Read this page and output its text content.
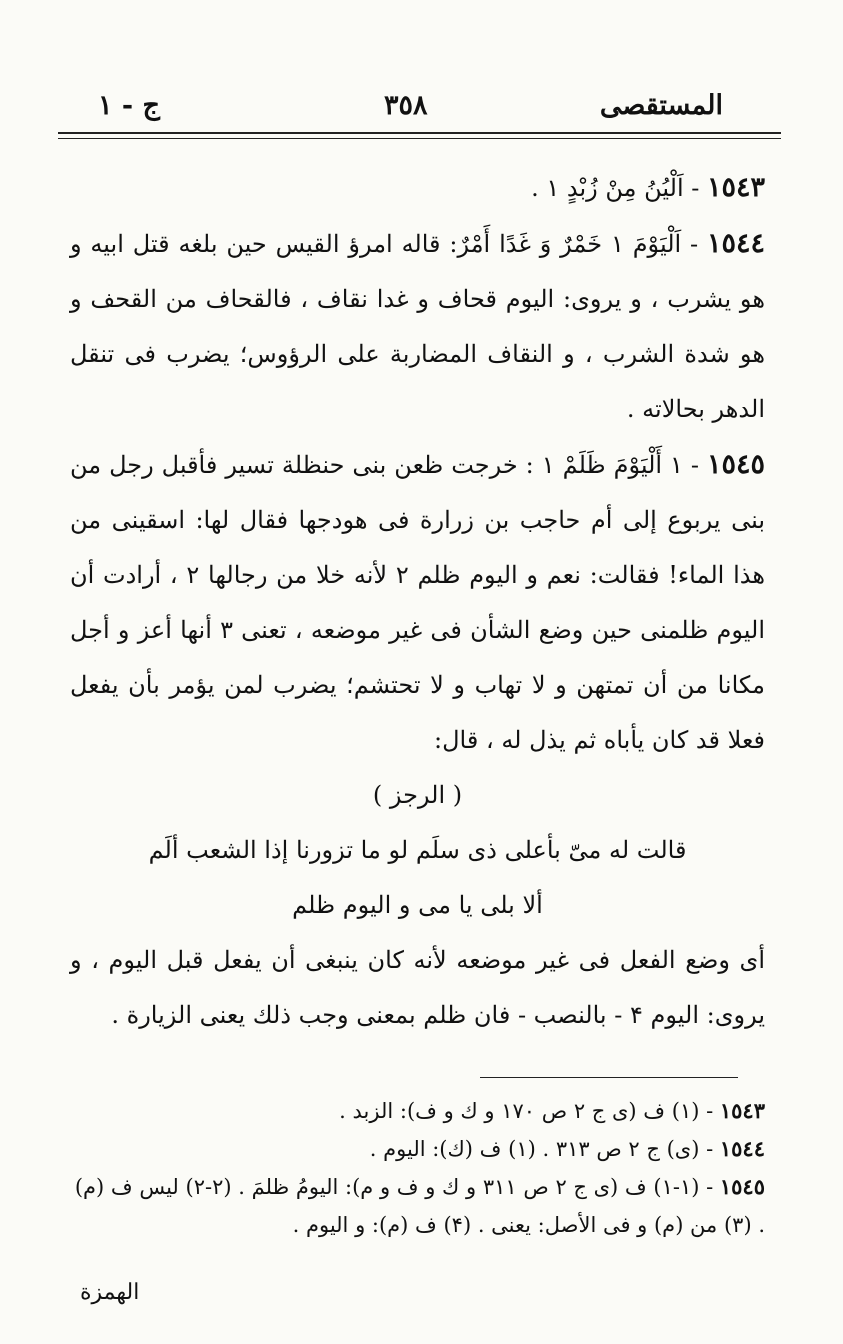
المستقصى
٣٥٨
ج - ١

١٥٤٣ - اَلْيُنُ مِنْ زُبْدٍ ۱ .

١٥٤٤ - اَلْيَوْمَ ۱ خَمْرٌ وَ غَدًا أَمْرٌ: قاله امرؤ القيس حين بلغه قتل ابيه و هو يشرب ، و يروى: اليوم قحاف و غدا نقاف ، فالقحاف من القحف و هو شدة الشرب ، و النقاف المضاربة على الرؤوس؛ يضرب فى تنقل الدهر بحالاته .

١٥٤٥ - ۱ أَلْيَوْمَ ظَلَمْ ۱ : خرجت ظعن بنى حنظلة تسير فأقبل رجل من بنى يربوع إلى أم حاجب بن زرارة فى هودجها فقال لها: اسقينى من هذا الماء! فقالت: نعم و اليوم ظلم ۲ لأنه خلا من رجالها ۲ ، أرادت أن اليوم ظلمنى حين وضع الشأن فى غير موضعه ، تعنى ۳ أنها أعز و أجل مكانا من أن تمتهن و لا تهاب و لا تحتشم؛ يضرب لمن يؤمر بأن يفعل فعلا قد كان يأباه ثم يذل له ، قال:

( الرجز )

قالت له مىّ بأعلى ذى سلَم لو ما تزورنا إذا الشعب ألَم

ألا بلى يا مى و اليوم ظلم

أى وضع الفعل فى غير موضعه لأنه كان ينبغى أن يفعل قبل اليوم ، و يروى: اليوم ۴ - بالنصب - فان ظلم بمعنى وجب ذلك يعنى الزيارة .

١٥٤٣ - (۱) ف (ى ج ۲ ص ۱۷۰ و ك و ف): الزبد .

١٥٤٤ - (ى) ج ۲ ص ۳۱۳ . (۱) ف (ك): اليوم .

١٥٤٥ - (۱-۱) ف (ى ج ۲ ص ۳۱۱ و ك و ف و م): اليومُ ظلمَ . (۲-۲) ليس ف (م) . (۳) من (م) و فى الأصل: يعنى . (۴) ف (م): و اليوم .

الهمزة
